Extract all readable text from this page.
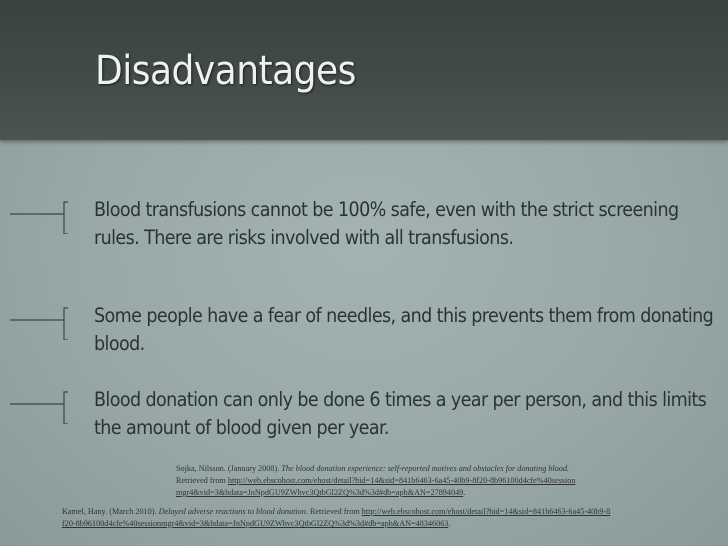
Disadvantages
Blood transfusions cannot be 100% safe, even with the strict screening rules. There are risks involved with all transfusions.
Some people have a fear of needles, and this prevents them from donating blood.
Blood donation can only be done 6 times a year per person, and this limits the amount of blood given per year.
Sojka, Nilsson. (January 2008). The blood donation experience: self-reported motives and obstacles for donating blood. Retrieved from http://web.ebscohost.com/ehost/detail?hid=14&sid=841b6463-6a45-40b9-8f20-8b96100d4cfe%40sessionmgr4&vid=3&bdata=JnNpdGU9ZWhvc3QtbGl2ZQ%3d%3d#db=aph&AN=27894049.
Kamel, Hany. (March 2010). Delayed adverse reactions to blood donation. Retrieved from http://web.ebscohost.com/ehost/detail?hid=14&sid=841b6463-6a45-40b9-8f20-8b96100d4cfe%40sessionmgr4&vid=3&bdata=JnNpdGU9ZWhvc3QtbGl2ZQ%3d%3d#db=aph&AN=48346063.
